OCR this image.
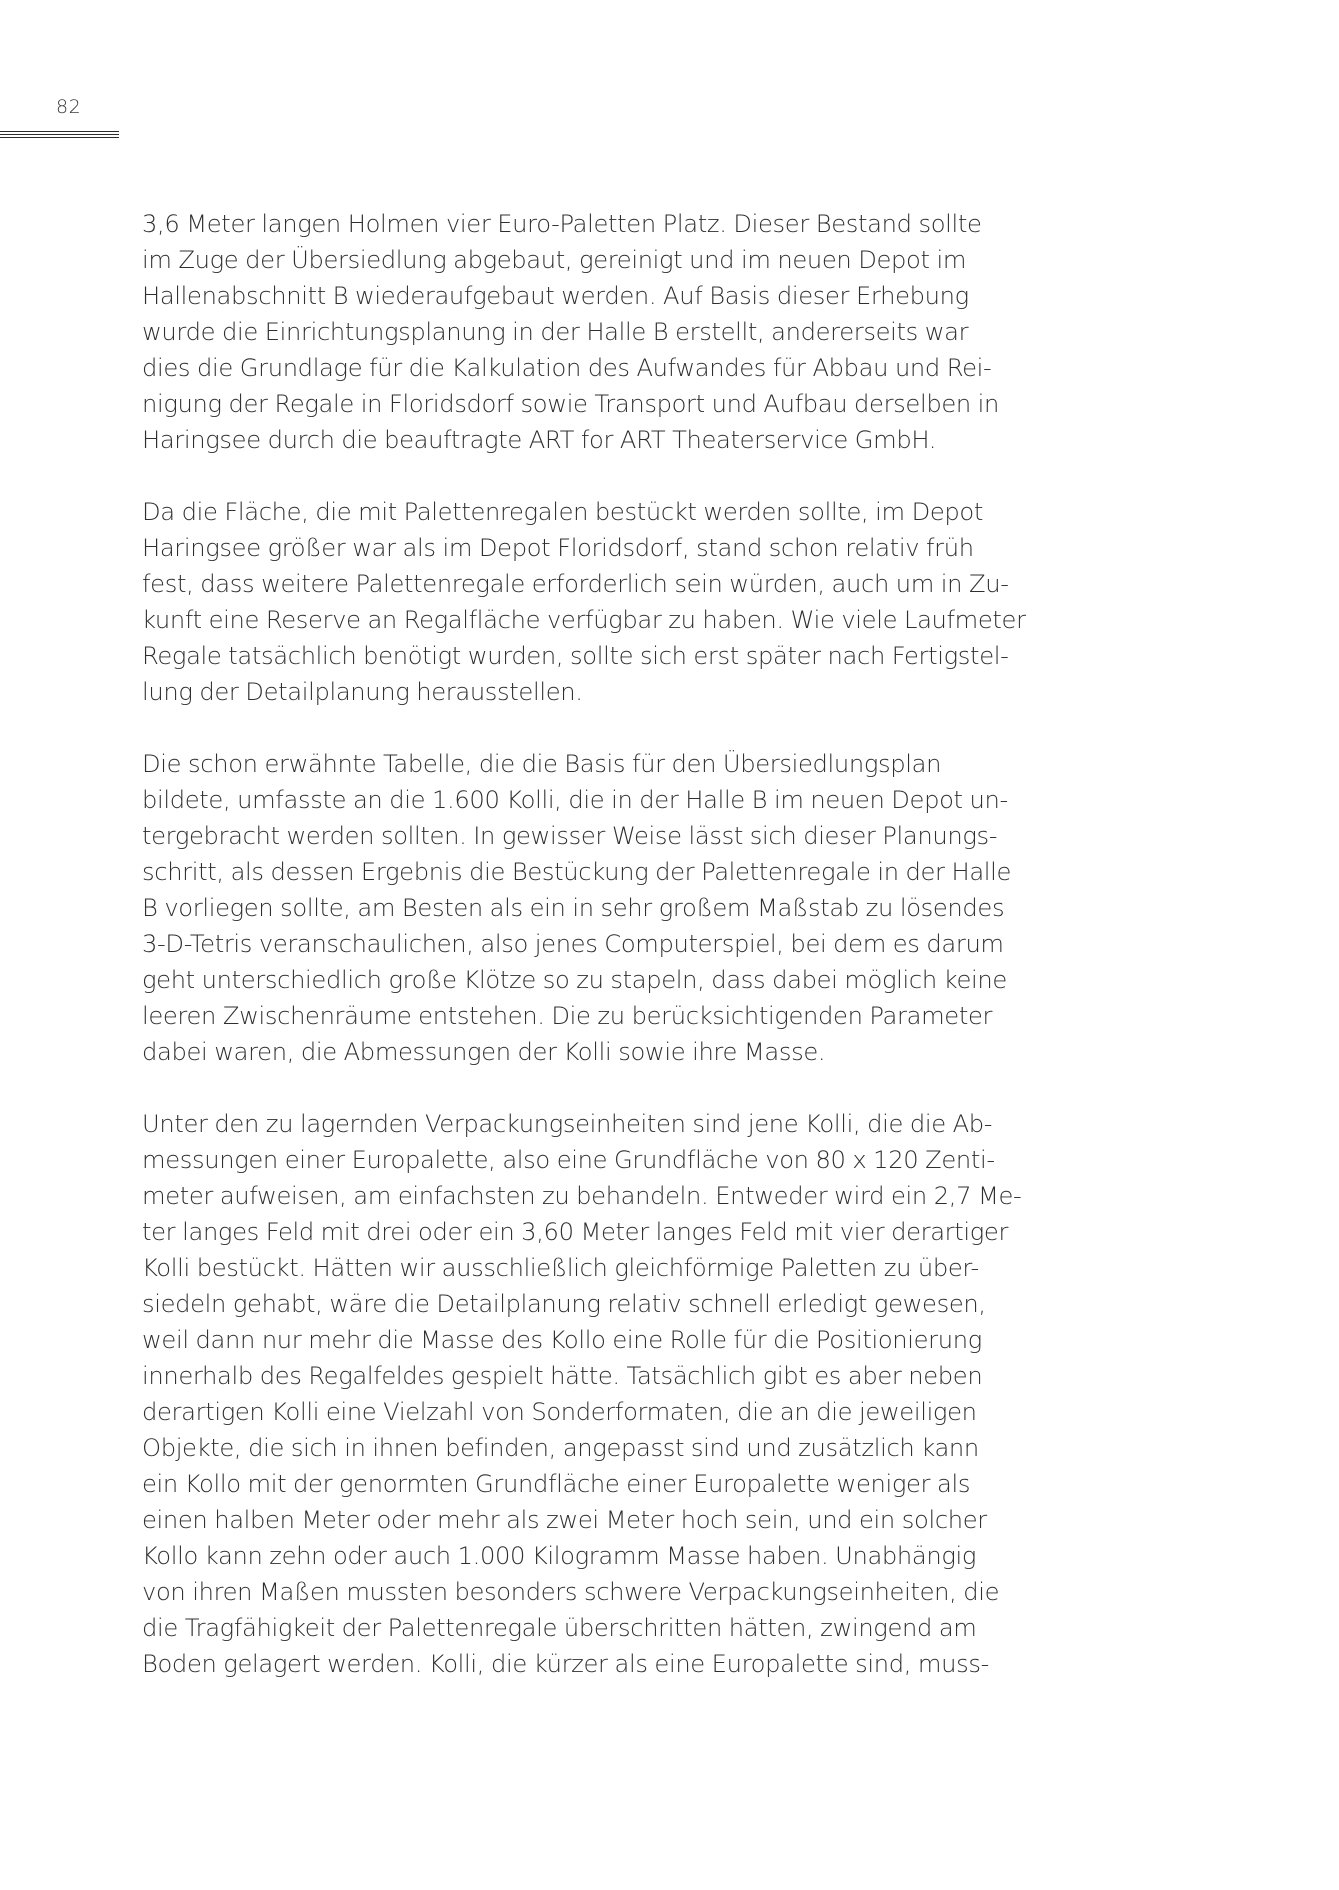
82

3,6 Meter langen Holmen vier Euro-Paletten Platz. Dieser Bestand sollte
im Zuge der Übersiedlung abgebaut, gereinigt und im neuen Depot im
Hallenabschnitt B wiederaufgebaut werden. Auf Basis dieser Erhebung
wurde die Einrichtungsplanung in der Halle B erstellt, andererseits war
dies die Grundlage für die Kalkulation des Aufwandes für Abbau und Rei-
nigung der Regale in Floridsdorf sowie Transport und Aufbau derselben in
Haringsee durch die beauftragte ART for ART Theaterservice GmbH.

Da die Fläche, die mit Palettenregalen bestückt werden sollte, im Depot
Haringsee größer war als im Depot Floridsdorf, stand schon relativ früh
fest, dass weitere Palettenregale erforderlich sein würden, auch um in Zu-
kunft eine Reserve an Regalfläche verfügbar zu haben. Wie viele Laufmeter
Regale tatsächlich benötigt wurden, sollte sich erst später nach Fertigstel-
lung der Detailplanung herausstellen.

Die schon erwähnte Tabelle, die die Basis für den Übersiedlungsplan
bildete, umfasste an die 1.600 Kolli, die in der Halle B im neuen Depot un-
tergebracht werden sollten. In gewisser Weise lässt sich dieser Planungs-
schritt, als dessen Ergebnis die Bestückung der Palettenregale in der Halle
B vorliegen sollte, am Besten als ein in sehr großem Maßstab zu lösendes
3-D-Tetris veranschaulichen, also jenes Computerspiel, bei dem es darum
geht unterschiedlich große Klötze so zu stapeln, dass dabei möglich keine
leeren Zwischenräume entstehen. Die zu berücksichtigenden Parameter
dabei waren, die Abmessungen der Kolli sowie ihre Masse.

Unter den zu lagernden Verpackungseinheiten sind jene Kolli, die die Ab-
messungen einer Europalette, also eine Grundfläche von 80 x 120 Zenti-
meter aufweisen, am einfachsten zu behandeln. Entweder wird ein 2,7 Me-
ter langes Feld mit drei oder ein 3,60 Meter langes Feld mit vier derartiger
Kolli bestückt. Hätten wir ausschließlich gleichförmige Paletten zu über-
siedeln gehabt, wäre die Detailplanung relativ schnell erledigt gewesen,
weil dann nur mehr die Masse des Kollo eine Rolle für die Positionierung
innerhalb des Regalfeldes gespielt hätte. Tatsächlich gibt es aber neben
derartigen Kolli eine Vielzahl von Sonderformaten, die an die jeweiligen
Objekte, die sich in ihnen befinden, angepasst sind und zusätzlich kann
ein Kollo mit der genormten Grundfläche einer Europalette weniger als
einen halben Meter oder mehr als zwei Meter hoch sein, und ein solcher
Kollo kann zehn oder auch 1.000 Kilogramm Masse haben. Unabhängig
von ihren Maßen mussten besonders schwere Verpackungseinheiten, die
die Tragfähigkeit der Palettenregale überschritten hätten, zwingend am
Boden gelagert werden. Kolli, die kürzer als eine Europalette sind, muss-
